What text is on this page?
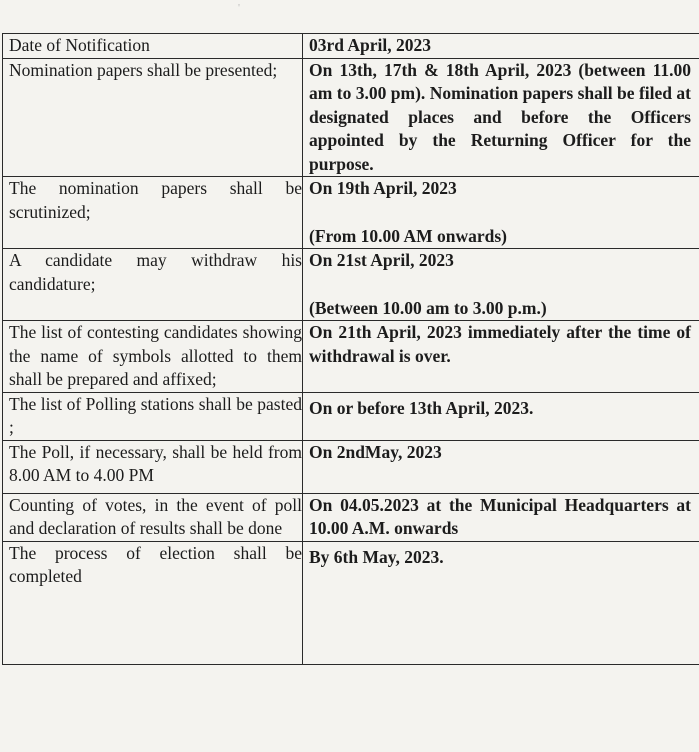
'
Date of Notification	03rd April, 2023
Nomination papers shall be presented;	On 13th, 17th & 18th April, 2023 (between 11.00 am to 3.00 pm). Nomination papers shall be filed at designated places and before the Officers appointed by the Returning Officer for the purpose.
The nomination papers shall be scrutinized;	On 19th April, 2023
(From 10.00 AM onwards)

A candidate may withdraw his candidature;	On 21st April, 2023
(Between 10.00 am to 3.00 p.m.)

The list of contesting candidates showing the name of symbols allotted to them shall be prepared and affixed;	On 21th April, 2023 immediately after the time of withdrawal is over.
The list of Polling stations shall be pasted ;	On or before 13th April, 2023.
The Poll, if necessary, shall be held from 8.00 AM to 4.00 PM	On 2ndMay, 2023
Counting of votes, in the event of poll and declaration of results shall be done	On 04.05.2023 at the Municipal Headquarters at 10.00 A.M. onwards
The process of election shall be completed	By 6th May, 2023.
